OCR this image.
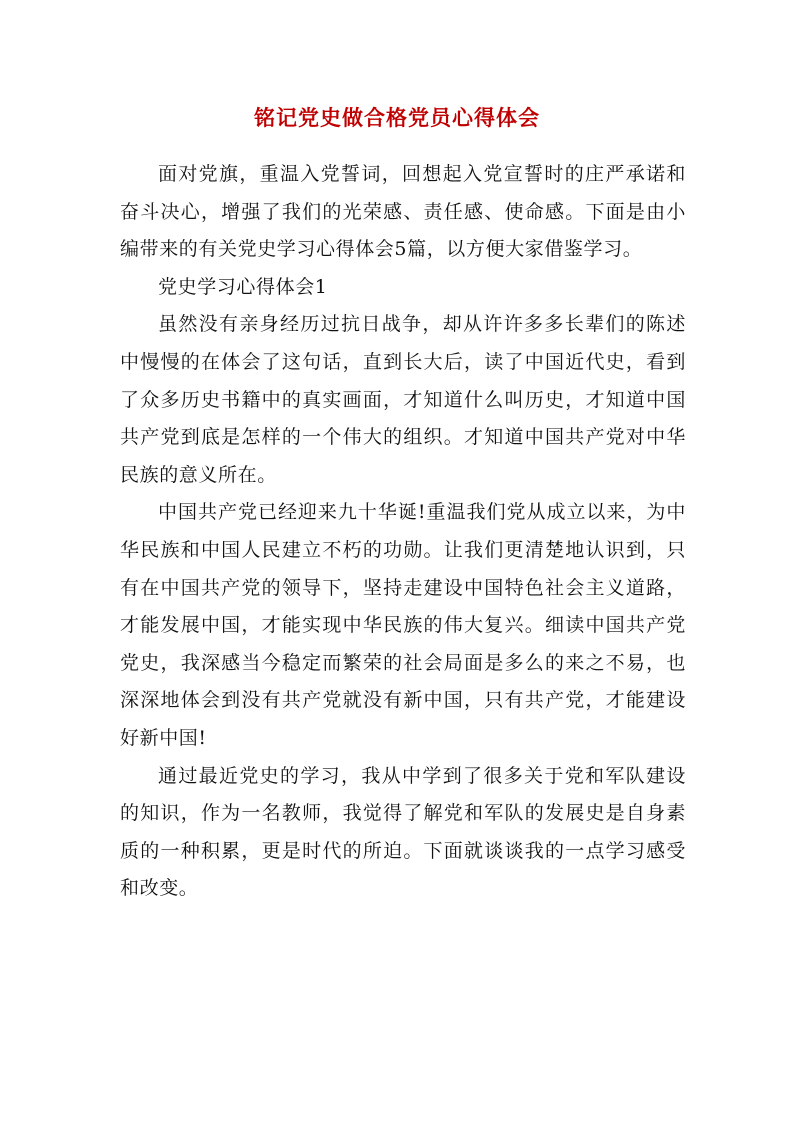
铭记党史做合格党员心得体会

面对党旗，重温入党誓词，回想起入党宣誓时的庄严承诺和奋斗决心，增强了我们的光荣感、责任感、使命感。下面是由小编带来的有关党史学习心得体会5篇，以方便大家借鉴学习。

党史学习心得体会1

虽然没有亲身经历过抗日战争，却从许许多多长辈们的陈述中慢慢的在体会了这句话，直到长大后，读了中国近代史，看到了众多历史书籍中的真实画面，才知道什么叫历史，才知道中国共产党到底是怎样的一个伟大的组织。才知道中国共产党对中华民族的意义所在。

中国共产党已经迎来九十华诞!重温我们党从成立以来，为中华民族和中国人民建立不朽的功勋。让我们更清楚地认识到，只有在中国共产党的领导下，坚持走建设中国特色社会主义道路，才能发展中国，才能实现中华民族的伟大复兴。细读中国共产党党史，我深感当今稳定而繁荣的社会局面是多么的来之不易，也深深地体会到没有共产党就没有新中国，只有共产党，才能建设好新中国!

通过最近党史的学习，我从中学到了很多关于党和军队建设的知识，作为一名教师，我觉得了解党和军队的发展史是自身素质的一种积累，更是时代的所迫。下面就谈谈我的一点学习感受和改变。
